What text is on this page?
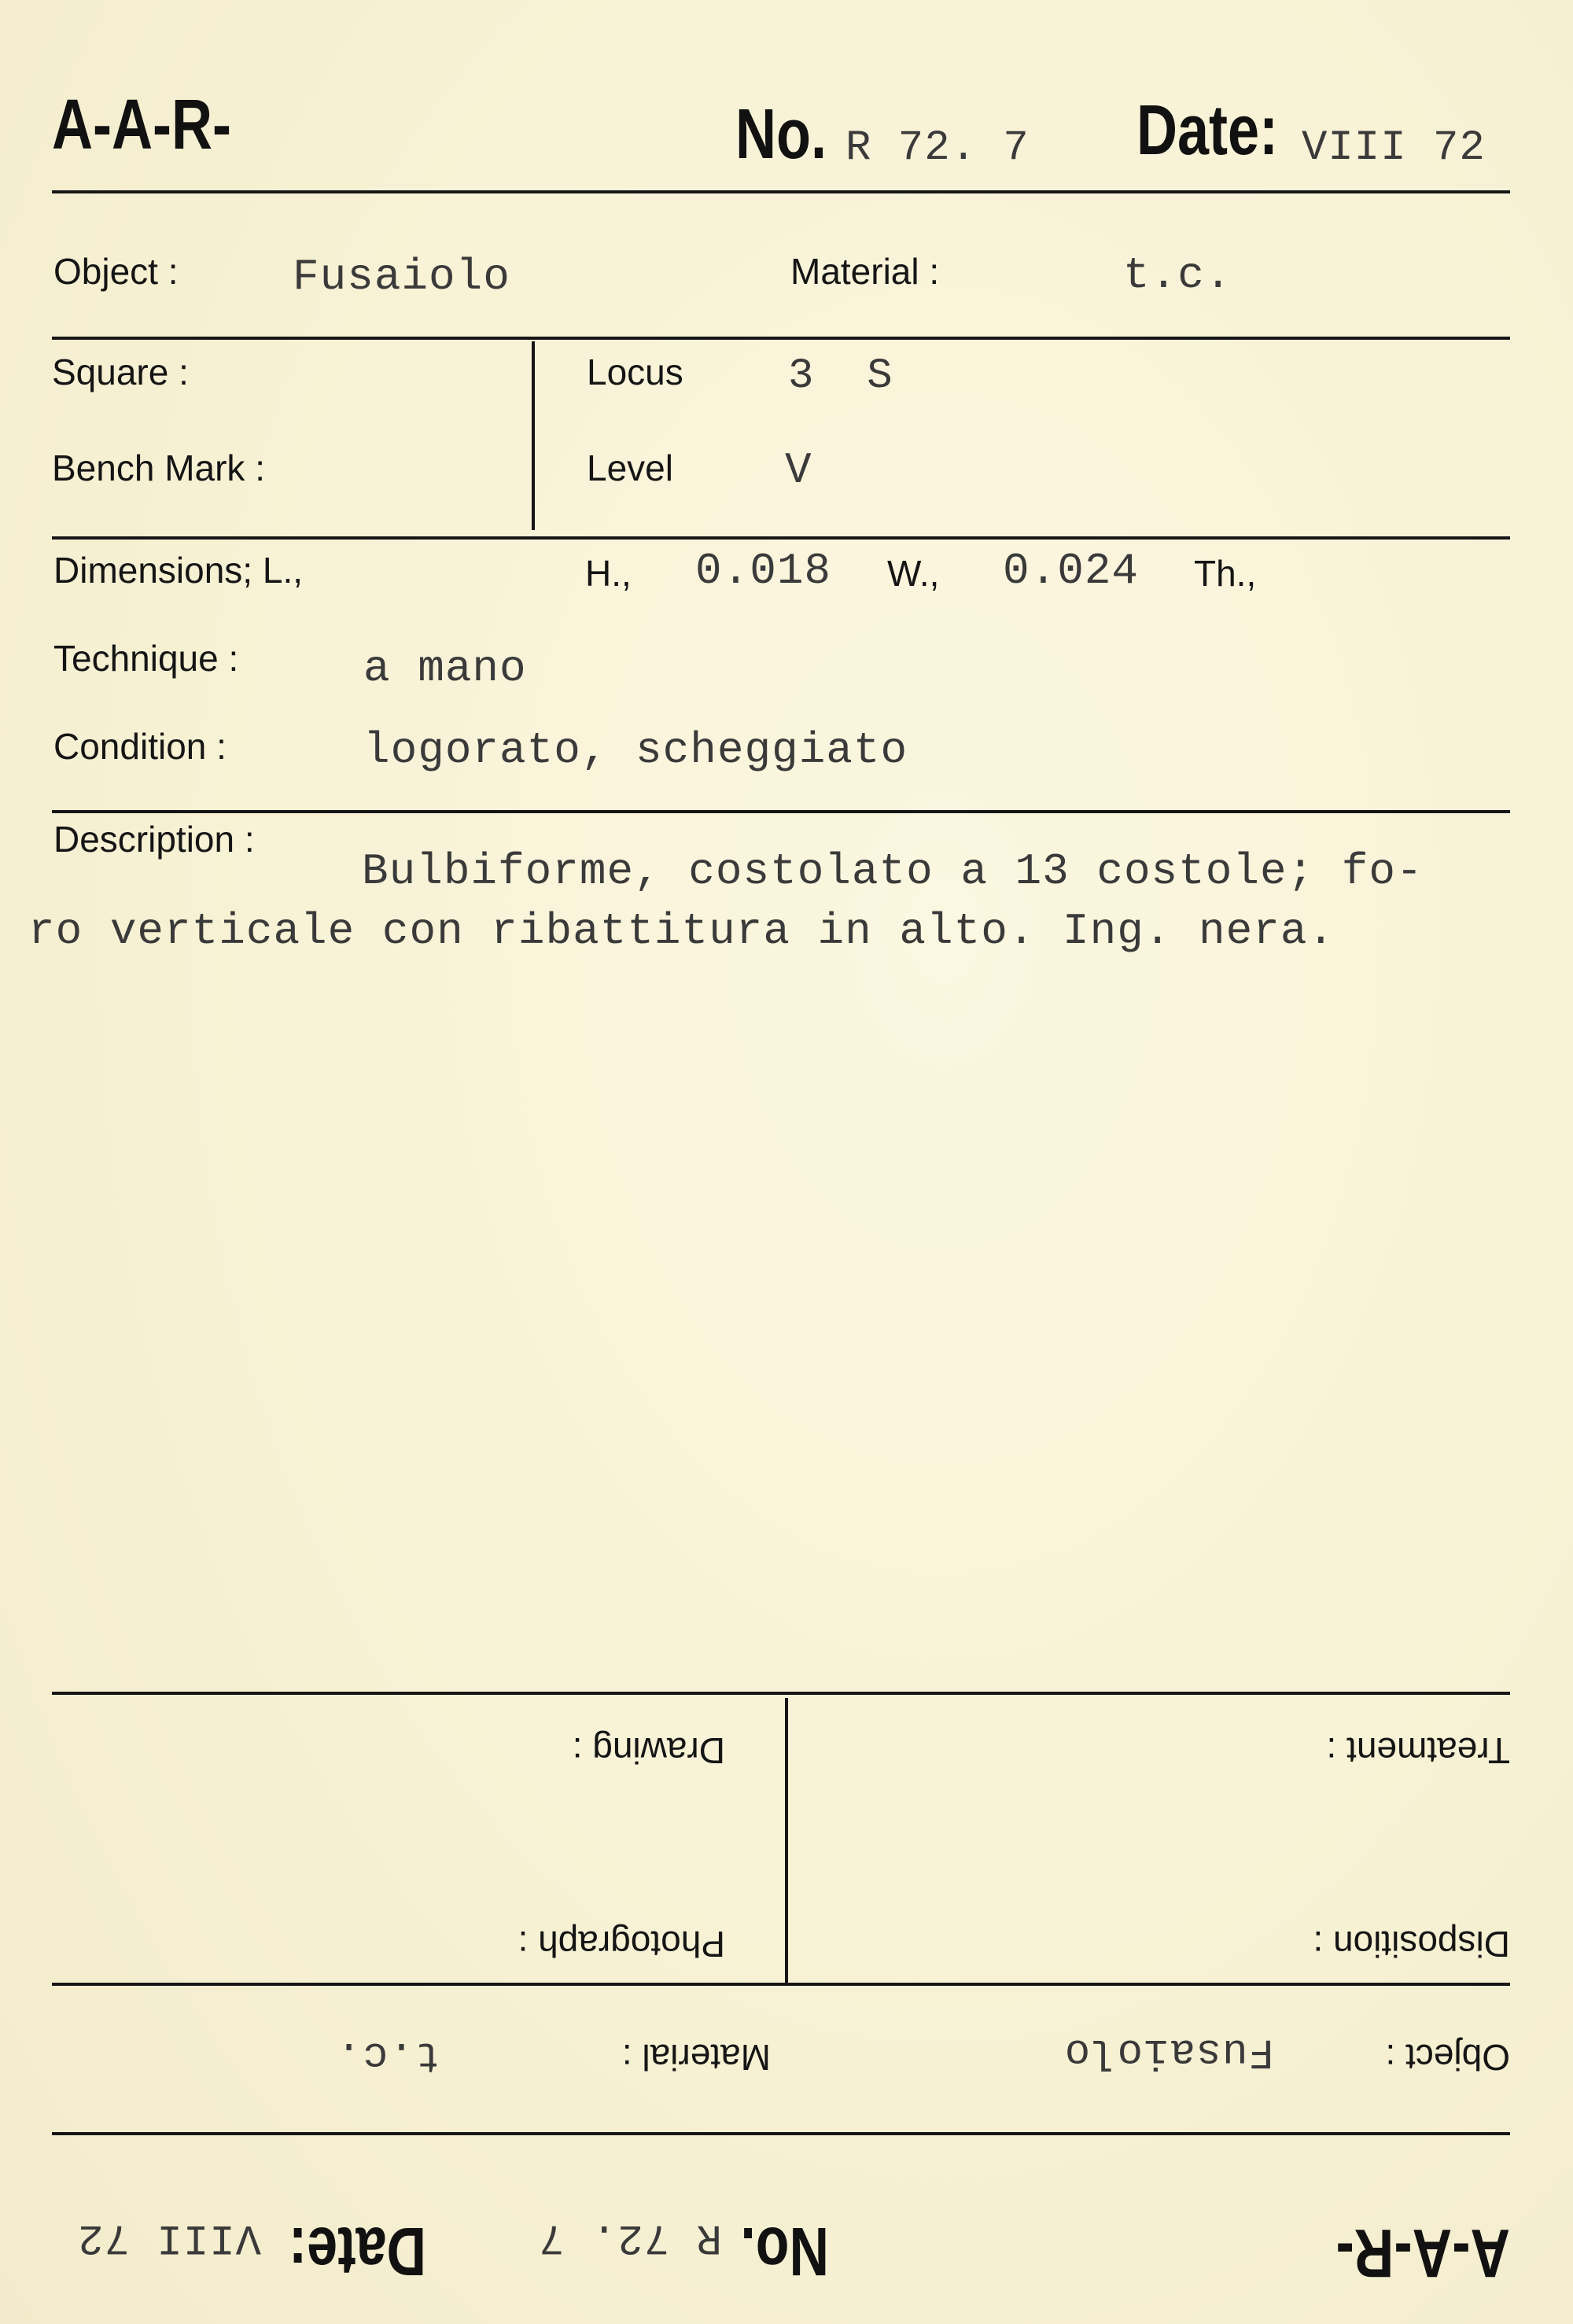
A-A-R-	No. R 72. 7 Date: VIII 72
Object :	Fusaiolo	Material :	t.c.
Square :	Locus 3  S
Bench Mark :	Level	V
Dimensions; L.,	H., 0.018 W., 0.024 Th.,
Technique :	a mano
Condition :	logorato, scheggiato
Description :
Bulbiforme, costolato a 13 costole; fo-
ro verticale con ribattitura in alto. Ing. nera.
A-A-R-
No.
R 72. 7
Date:
VIII 72
Object :
Fusaiolo
Material :
t.c.
Disposition :
Photograph :
Treatment :
Drawing :
